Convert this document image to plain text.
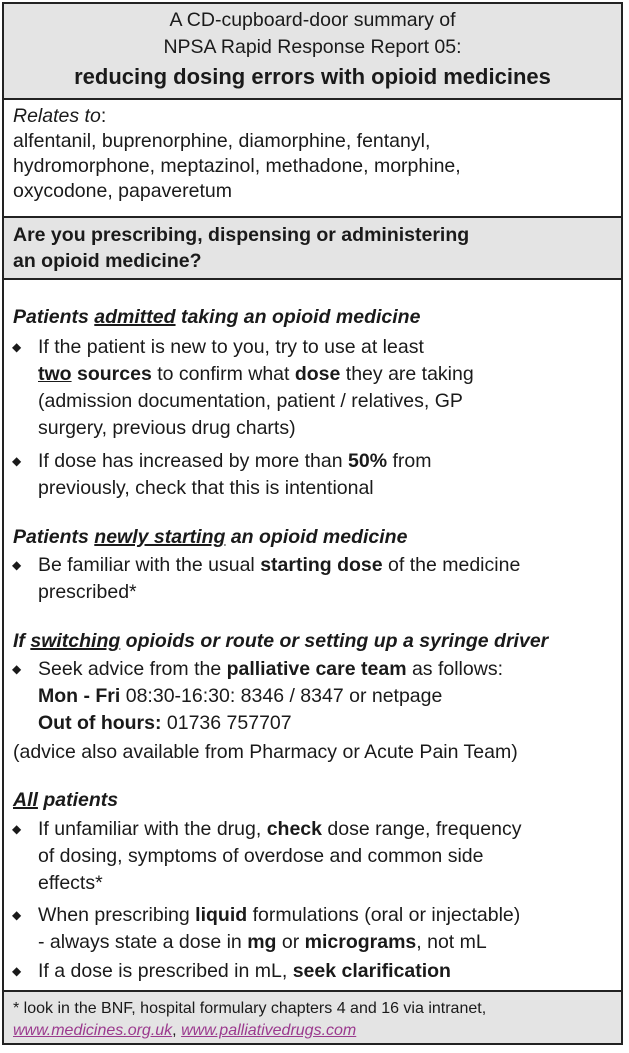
A CD-cupboard-door summary of
NPSA Rapid Response Report 05:
reducing dosing errors with opioid medicines
Relates to:
alfentanil, buprenorphine, diamorphine, fentanyl,
hydromorphone, meptazinol, methadone, morphine,
oxycodone, papaveretum
Are you prescribing, dispensing or administering
an opioid medicine?
Patients admitted taking an opioid medicine
◆ If the patient is new to you, try to use at least
two sources to confirm what dose they are taking
(admission documentation, patient / relatives, GP
surgery, previous drug charts)
◆ If dose has increased by more than 50% from
previously, check that this is intentional
Patients newly starting an opioid medicine
◆ Be familiar with the usual starting dose of the medicine
prescribed*
If switching opioids or route or setting up a syringe driver
◆ Seek advice from the palliative care team as follows:
Mon - Fri 08:30-16:30: 8346 / 8347 or netpage
Out of hours: 01736 757707
(advice also available from Pharmacy or Acute Pain Team)
All patients
◆ If unfamiliar with the drug, check dose range, frequency
of dosing, symptoms of overdose and common side
effects*
◆ When prescribing liquid formulations (oral or injectable)
- always state a dose in mg or micrograms, not mL
◆ If a dose is prescribed in mL, seek clarification
* look in the BNF, hospital formulary chapters 4 and 16 via intranet,
www.medicines.org.uk, www.palliativedrugs.com
